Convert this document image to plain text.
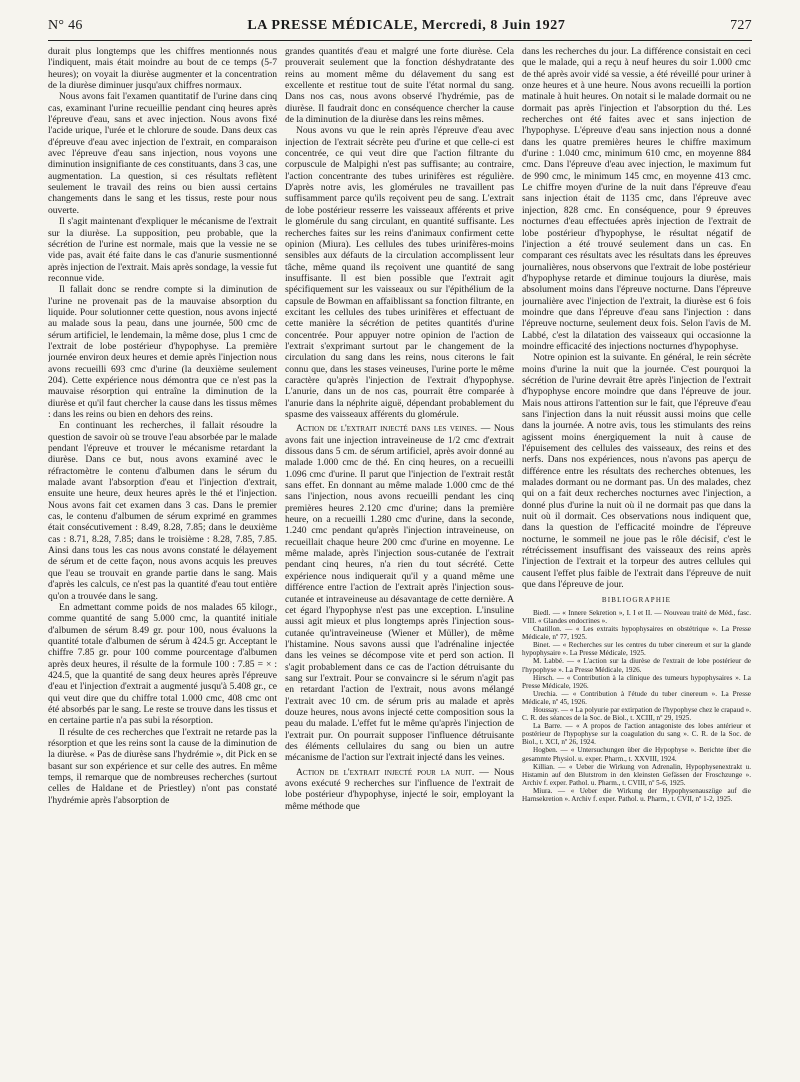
N° 46	LA PRESSE MÉDICALE, Mercredi, 8 Juin 1927	727

durait plus longtemps que les chiffres mentionnés nous l'indiquent, mais était moindre au bout de ce temps (5-7 heures); on voyait la diurèse augmenter et la concentration de la diurèse diminuer jusqu'aux chiffres normaux.

Nous avons fait l'examen quantitatif de l'urine dans cinq cas, examinant l'urine recueillie pendant cinq heures après l'épreuve d'eau, sans et avec injection. Nous avons fixé l'acide urique, l'urée et le chlorure de soude. Dans deux cas d'épreuve d'eau avec injection de l'extrait, en comparaison avec l'épreuve d'eau sans injection, nous voyons une diminution insignifiante de ces constituants, dans 3 cas, une augmentation. La question, si ces résultats reflètent seulement le travail des reins ou bien aussi certains changements dans le sang et les tissus, reste pour nous ouverte.

Il s'agit maintenant d'expliquer le mécanisme de l'extrait sur la diurèse. La supposition, peu probable, que la sécrétion de l'urine est normale, mais que la vessie ne se vide pas, avait été faite dans le cas d'anurie susmentionné après injection de l'extrait. Mais après sondage, la vessie fut reconnue vide.

Il fallait donc se rendre compte si la diminution de l'urine ne provenait pas de la mauvaise absorption du liquide. Pour solutionner cette question, nous avons injecté au malade sous la peau, dans une journée, 500 cmc de sérum artificiel, le lendemain, la même dose, plus 1 cmc de l'extrait de lobe postérieur d'hypophyse. La première journée environ deux heures et demie après l'injection nous avons recueilli 693 cmc d'urine (la deuxième seulement 204). Cette expérience nous démontra que ce n'est pas la mauvaise résorption qui entraîne la diminution de la diurèse et qu'il faut chercher la cause dans les tissus mêmes : dans les reins ou bien en dehors des reins.

En continuant les recherches, il fallait résoudre la question de savoir où se trouve l'eau absorbée par le malade pendant l'épreuve et trouver le mécanisme retardant la diurèse. Dans ce but, nous avons examiné avec le réfractomètre le contenu d'albumen dans le sérum du malade avant l'absorption d'eau et l'injection d'extrait, ensuite une heure, deux heures après le thé et l'injection. Nous avons fait cet examen dans 3 cas. Dans le premier cas, le contenu d'albumen de sérum exprimé en grammes était consécutivement : 8.49, 8.28, 7.85; dans le deuxième cas : 8.71, 8.28, 7.85; dans le troisième : 8.28, 7.85, 7.85. Ainsi dans tous les cas nous avons constaté le délayement de sérum et de cette façon, nous avons acquis les preuves que l'eau se trouvait en grande partie dans le sang. Mais d'après les calculs, ce n'est pas la quantité d'eau tout entière qu'on a trouvée dans le sang.

En admettant comme poids de nos malades 65 kilogr., comme quantité de sang 5.000 cmc, la quantité initiale d'albumen de sérum 8.49 gr. pour 100, nous évaluons la quantité totale d'albumen de sérum à 424.5 gr. Acceptant le chiffre 7.85 gr. pour 100 comme pourcentage d'albumen après deux heures, il résulte de la formule 100 : 7.85 = × : 424.5, que la quantité de sang deux heures après l'épreuve d'eau et l'injection d'extrait a augmenté jusqu'à 5.408 gr., ce qui veut dire que du chiffre total 1.000 cmc, 408 cmc ont été absorbés par le sang. Le reste se trouve dans les tissus et en certaine partie n'a pas subi la résorption.

Il résulte de ces recherches que l'extrait ne retarde pas la résorption et que les reins sont la cause de la diminution de la diurèse. « Pas de diurèse sans l'hydrémie », dit Pick en se basant sur son expérience et sur celle des autres. En même temps, il remarque que de nombreuses recherches (surtout celles de Haldane et de Priestley) n'ont pas constaté l'hydrémie après l'absorption de

grandes quantités d'eau et malgré une forte diurèse. Cela prouverait seulement que la fonction déshydratante des reins au moment même du délavement du sang est excellente et restitue tout de suite l'état normal du sang. Dans nos cas, nous avons observé l'hydrémie, pas de diurèse. Il faudrait donc en conséquence chercher la cause de la diminution de la diurèse dans les reins mêmes.

Nous avons vu que le rein après l'épreuve d'eau avec injection de l'extrait sécrète peu d'urine et que celle-ci est concentrée, ce qui veut dire que l'action filtrante du corpuscule de Malpighi n'est pas suffisante; au contraire, l'action concentrante des tubes urinifères est régulière. D'après notre avis, les glomérules ne travaillent pas suffisamment parce qu'ils reçoivent peu de sang. L'extrait de lobe postérieur resserre les vaisseaux afférents et prive le glomérule du sang circulant, en quantité suffisante. Les recherches faites sur les reins d'animaux confirment cette opinion (Miura). Les cellules des tubes urinifères-moins sensibles aux défauts de la circulation accomplissent leur tâche, même quand ils reçoivent une quantité de sang insuffisante. Il est bien possible que l'extrait agit spécifiquement sur les vaisseaux ou sur l'épithélium de la capsule de Bowman en affaiblissant sa fonction filtrante, en excitant les cellules des tubes urinifères et effectuant de cette manière la sécrétion de petites quantités d'urine concentrée. Pour appuyer notre opinion de l'action de l'extrait s'exprimant surtout par le changement de la circulation du sang dans les reins, nous citerons le fait connu que, dans les stases veineuses, l'urine porte le même caractère qu'après l'injection de l'extrait d'hypophyse. L'anurie, dans un de nos cas, pourrait être comparée à l'anurie dans la néphrite aiguë, dépendant probablement du spasme des vaisseaux afférents du glomérule.

Action de l'extrait injecté dans les veines. — Nous avons fait une injection intraveineuse de 1/2 cmc d'extrait dissous dans 5 cm. de sérum artificiel, après avoir donné au malade 1.000 cmc de thé. En cinq heures, on a recueilli 1.096 cmc d'urine. Il parut que l'injection de l'extrait restât sans effet. En donnant au même malade 1.000 cmc de thé sans l'injection, nous avons recueilli pendant les cinq premières heures 2.120 cmc d'urine; dans la première heure, on a recueilli 1.280 cmc d'urine, dans la seconde, 1.240 cmc pendant qu'après l'injection intraveineuse, on recueillait chaque heure 200 cmc d'urine en moyenne. Le même malade, après l'injection sous-cutanée de l'extrait pendant cinq heures, n'a rien du tout sécrété. Cette expérience nous indiquerait qu'il y a quand même une différence entre l'action de l'extrait après l'injection sous-cutanée et intraveineuse au désavantage de cette dernière. A cet égard l'hypophyse n'est pas une exception. L'insuline aussi agit mieux et plus longtemps après l'injection sous-cutanée qu'intraveineuse (Wiener et Müller), de même l'histamine. Nous savons aussi que l'adrénaline injectée dans les veines se décompose vite et perd son action. Il s'agit probablement dans ce cas de l'action détruisante du sang sur l'extrait. Pour se convaincre si le sérum n'agit pas en retardant l'action de l'extrait, nous avons mélangé l'extrait avec 10 cm. de sérum pris au malade et après douze heures, nous avons injecté cette composition sous la peau du malade. L'effet fut le même qu'après l'injection de l'extrait pur. On pourrait supposer l'influence détruisante des éléments cellulaires du sang ou bien un autre mécanisme de l'action sur l'extrait injecté dans les veines.

Action de l'extrait injecté pour la nuit. — Nous avons exécuté 9 recherches sur l'influence de l'extrait de lobe postérieur d'hypophyse, injecté le soir, employant la même méthode que

dans les recherches du jour. La différence consistait en ceci que le malade, qui a reçu à neuf heures du soir 1.000 cmc de thé après avoir vidé sa vessie, a été réveillé pour uriner à onze heures et à une heure. Nous avons recueilli la portion matinale à huit heures. On notait si le malade dormait ou ne dormait pas après l'injection et l'absorption du thé. Les recherches ont été faites avec et sans injection de l'hypophyse. L'épreuve d'eau sans injection nous a donné dans les quatre premières heures le chiffre maximum d'urine : 1.040 cmc, minimum 610 cmc, en moyenne 884 cmc. Dans l'épreuve d'eau avec injection, le maximum fut de 990 cmc, le minimum 145 cmc, en moyenne 413 cmc. Le chiffre moyen d'urine de la nuit dans l'épreuve d'eau sans injection était de 1135 cmc, dans l'épreuve avec injection, 828 cmc. En conséquence, pour 9 épreuves nocturnes d'eau effectuées après injection de l'extrait de lobe postérieur d'hypophyse, le résultat négatif de l'injection a été trouvé seulement dans un cas. En comparant ces résultats avec les résultats dans les épreuves journalières, nous observons que l'extrait de lobe postérieur d'hypophyse retarde et diminue toujours la diurèse, mais absolument moins dans l'épreuve nocturne. Dans l'épreuve journalière avec l'injection de l'extrait, la diurèse est 6 fois moindre que dans l'épreuve d'eau sans l'injection : dans l'épreuve nocturne, seulement deux fois. Selon l'avis de M. Labbé, c'est la dilatation des vaisseaux qui occasionne la moindre efficacité des injections nocturnes d'hypophyse.

Notre opinion est la suivante. En général, le rein sécrète moins d'urine la nuit que la journée. C'est pourquoi la sécrétion de l'urine devrait être après l'injection de l'extrait d'hypophyse encore moindre que dans l'épreuve de jour. Mais nous attirons l'attention sur le fait, que l'épreuve d'eau sans l'injection dans la nuit réussit aussi moins que celle dans la journée. A notre avis, tous les stimulants des reins agissent moins énergiquement la nuit à cause de l'épuisement des cellules des vaisseaux, des reins et des nerfs. Dans nos expériences, nous n'avons pas aperçu de différence entre les résultats des recherches obtenues, les malades dormant ou ne dormant pas. Un des malades, chez qui on a fait deux recherches nocturnes avec l'injection, a donné plus d'urine la nuit où il ne dormait pas que dans la nuit où il dormait. Ces observations nous indiquent que, dans la question de l'efficacité moindre de l'épreuve nocturne, le sommeil ne joue pas le rôle décisif, c'est le rétrécissement insuffisant des vaisseaux des reins après l'injection de l'extrait et la torpeur des autres cellules qui causent l'effet plus faible de l'extrait dans l'épreuve de nuit que dans l'épreuve de jour.

BIBLIOGRAPHIE

Biedl. — « Innere Sekretion », I. I et II. — Nouveau traité de Méd., fasc. VIII. « Glandes endocrines ».

Chatillon. — « Les extraits hypophysaires en obstétrique ». La Presse Médicale, nº 77, 1925.

Binet. — « Recherches sur les centres du tuber cinereum et sur la glande hypophysaire ». La Presse Médicale, 1925.

M. Labbé. — « L'action sur la diurèse de l'extrait de lobe postérieur de l'hypophyse ». La Presse Médicale, 1926.

Hirsch. — « Contribution à la clinique des tumeurs hypophysaires ». La Presse Médicale, 1926.

Urechia. — « Contribution à l'étude du tuber cinereum ». La Presse Médicale, nº 45, 1926.

Houssay. — « La polyurie par extirpation de l'hypophyse chez le crapaud ». C. R. des séances de la Soc. de Biol., t. XCIII, nº 29, 1925.

La Barre. — « A propos de l'action antagoniste des lobes antérieur et postérieur de l'hypophyse sur la coagulation du sang ». C. R. de la Soc. de Biol., t. XCI, nº 26, 1924.

Hogben. — « Untersuchungen über die Hypophyse ». Berichte über die gesammte Physiol. u. exper. Pharm., t. XXVIII, 1924.

Killian. — « Ueber die Wirkung von Adrenalin, Hypophysenextrakt u. Histamin auf den Blutstrom in den kleinsten Gefässen der Froschzunge ». Archiv f. exper. Pathol. u. Pharm., t. CVIII, nº 5-6, 1925.

Miura. — « Ueber die Wirkung der Hypophysenauszüge auf die Harnsekretion ». Archiv f. exper. Pathol. u. Pharm., t. CVII, nº 1-2, 1925.
